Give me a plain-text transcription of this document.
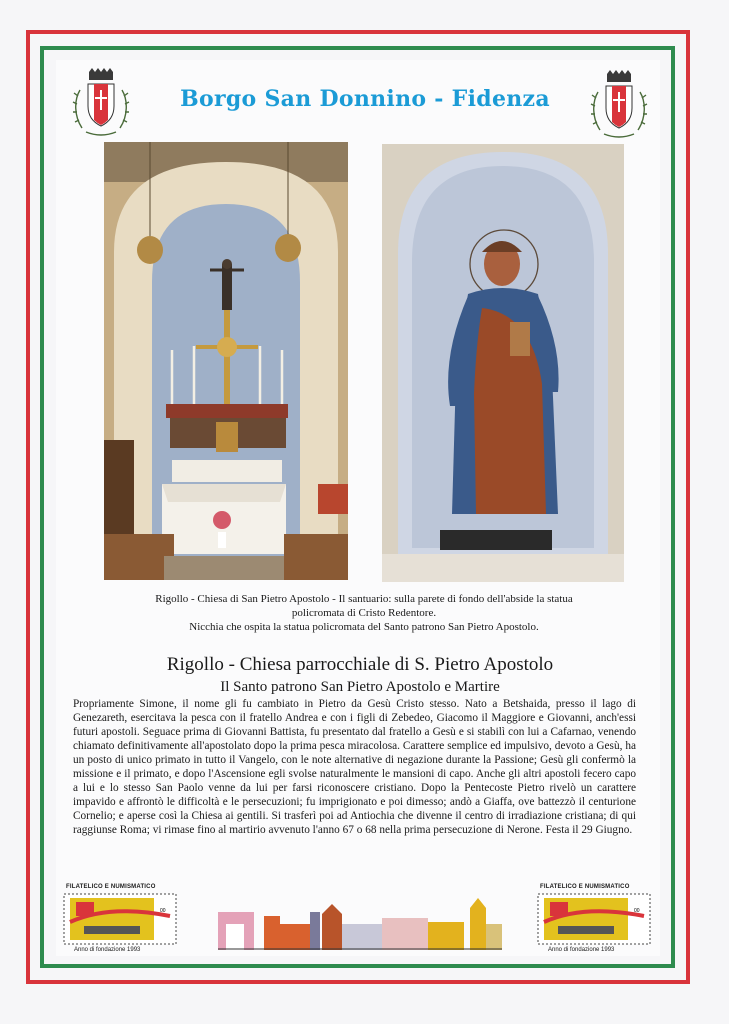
Borgo San Donnino - Fidenza
Rigollo - Chiesa di San Pietro Apostolo - Il santuario: sulla parete di fondo dell'abside la statua
policromata di Cristo Redentore.
Nicchia che ospita la statua policromata del Santo patrono San Pietro Apostolo.
Rigollo - Chiesa parrocchiale di S. Pietro Apostolo
Il Santo patrono San Pietro Apostolo e Martire
Propriamente Simone, il nome gli fu cambiato in Pietro da Gesù Cristo stesso. Nato a Betshaida, presso il lago di Genezareth, esercitava la pesca con il fratello Andrea e con i figli di Zebedeo, Giacomo il Maggiore e Giovanni, anch'essi futuri apostoli. Seguace prima di Giovanni Battista, fu presentato dal fratello a Gesù e si stabilì con lui a Cafarnao, venendo chiamato definitivamente all'apostolato dopo la prima pesca miracolosa. Carattere semplice ed impulsivo, devoto a Gesù, ha un posto di unico primato in tutto il Vangelo, con le note alternative di negazione durante la Passione; Gesù gli confermò la missione e il primato, e dopo l'Ascensione egli svolse naturalmente le mansioni di capo. Anche gli altri apostoli fecero capo a lui e lo stesso San Paolo venne da lui per farsi riconoscere cristiano. Dopo la Pentecoste Pietro rivelò un carattere impavido e affrontò le difficoltà e le persecuzioni; fu imprigionato e poi dimesso; andò a Giaffa, ove battezzò il centurione Cornelio; e aperse così la Chiesa ai gentili. Si trasferì poi ad Antiochia che divenne il centro di irradiazione cristiana; di qui raggiunse Roma; vi rimase fino al martirio avvenuto l'anno 67 o 68 nella prima persecuzione di Nerone. Festa il 29 Giugno.
FILATELICO E NUMISMATICO
00
Anno di fondazione 1993
FILATELICO E NUMISMATICO
00
Anno di fondazione 1993
